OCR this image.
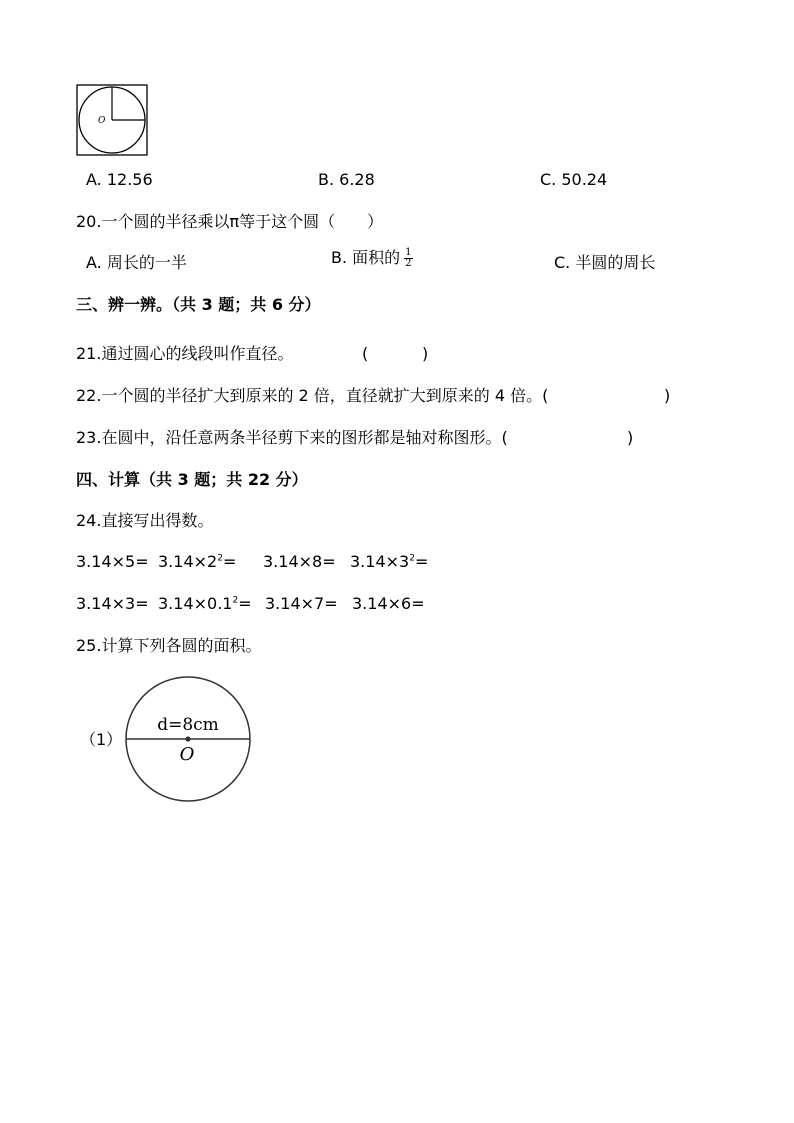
O
A. 12.56	B. 6.28	C. 50.24
20.一个圆的半径乘以π等于这个圆（　　）
A. 周长的一半	B. 面积的 $\frac{1}{2}$	C. 半圆的周长
三、辨一辨。（共 3 题；共 6 分）
21.通过圆心的线段叫作直径。	(	)
22.一个圆的半径扩大到原来的 2 倍，直径就扩大到原来的 4 倍。(	)
23.在圆中，沿任意两条半径剪下来的图形都是轴对称图形。(	)
四、计算（共 3 题；共 22 分）
24.直接写出得数。
$3.14\times 5= 3.14\times 2^2= 3.14\times 8= 3.14\times 3^2=$
$3.14\times 3= 3.14\times 0.1^2= 3.14\times 7= 3.14\times 6=$
25.计算下列各圆的面积。
（1）
d=8cm
O
